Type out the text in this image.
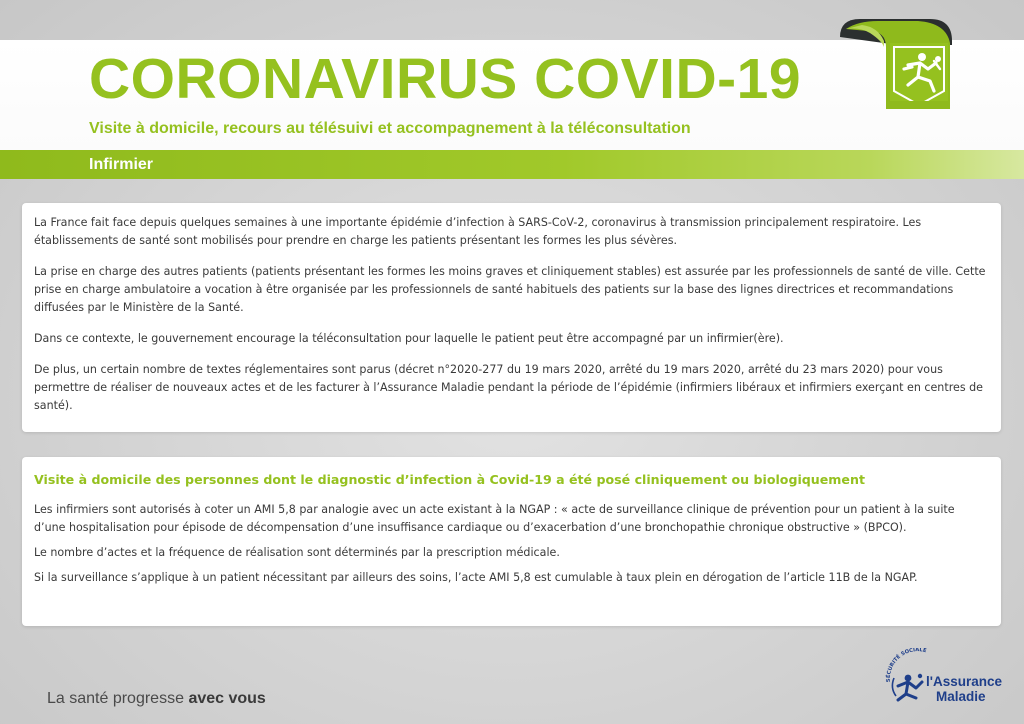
CORONAVIRUS COVID-19
Visite à domicile, recours au télésuivi et accompagnement à la téléconsultation
Infirmier

La France fait face depuis quelques semaines à une importante épidémie d’infection à SARS-CoV-2, coronavirus à transmission principalement respiratoire. Les établissements de santé sont mobilisés pour prendre en charge les patients présentant les formes les plus sévères.

La prise en charge des autres patients (patients présentant les formes les moins graves et cliniquement stables) est assurée par les professionnels de santé de ville. Cette prise en charge ambulatoire a vocation à être organisée par les professionnels de santé habituels des patients sur la base des lignes directrices et recommandations diffusées par le Ministère de la Santé.

Dans ce contexte, le gouvernement encourage la téléconsultation pour laquelle le patient peut être accompagné par un infirmier(ère).

De plus, un certain nombre de textes réglementaires sont parus (décret n°2020-277 du 19 mars 2020, arrêté du 19 mars 2020, arrêté du 23 mars 2020) pour vous permettre de réaliser de nouveaux actes et de les facturer à l’Assurance Maladie pendant la période de l’épidémie (infirmiers libéraux et infirmiers exerçant en centres de santé).

Visite à domicile des personnes dont le diagnostic d’infection à Covid-19 a été posé cliniquement ou biologiquement

Les infirmiers sont autorisés à coter un AMI 5,8 par analogie avec un acte existant à la NGAP : « acte de surveillance clinique de prévention pour un patient à la suite d’une hospitalisation pour épisode de décompensation d’une insuffisance cardiaque ou d’exacerbation d’une bronchopathie chronique obstructive » (BPCO).

Le nombre d’actes et la fréquence de réalisation sont déterminés par la prescription médicale.

Si la surveillance s’applique à un patient nécessitant par ailleurs des soins, l’acte AMI 5,8 est cumulable à taux plein en dérogation de l’article 11B de la NGAP.

La santé progresse avec vous
SÉCURITÉ SOCIALE
l'Assurance
Maladie
